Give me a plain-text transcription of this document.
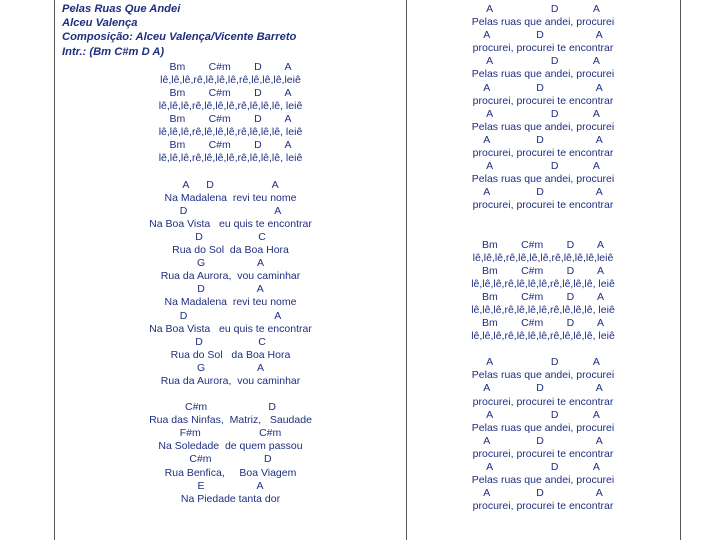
Pelas Ruas Que Andei
Alceu Valença
Composição: Alceu Valença/Vicente Barreto
Intr.: (Bm C#m D A)
Bm        C#m        D        A
lê,lê,lê,rê,lê,lê,lê,rê,lê,lê,lê,leiê
Bm        C#m        D        A
lê,lê,lê,rê,lê,lê,lê,rê,lê,lê,lê, leiê
Bm        C#m        D        A
lê,lê,lê,rê,lê,lê,lê,rê,lê,lê,lê, leiê
Bm        C#m        D        A
lê,lê,lê,rê,lê,lê,lê,rê,lê,lê,lê, leiê
A      D                    A
Na Madalena  revi teu nome
D                              A
Na Boa Vista   eu quis te encontrar
D                   C
Rua do Sol  da Boa Hora
G                  A
Rua da Aurora,  vou caminhar
D                  A
Na Madalena  revi teu nome
D                              A
Na Boa Vista   eu quis te encontrar
D                   C
Rua do Sol   da Boa Hora
G                  A
Rua da Aurora,  vou caminhar
C#m                     D
Rua das Ninfas,  Matriz,   Saudade
F#m                    C#m
Na Soledade  de quem passou
C#m                  D
Rua Benfica,     Boa Viagem
E                  A
Na Piedade tanta dor
A                    D            A
Pelas ruas que andei, procurei
A                D                  A
procurei, procurei te encontrar
A                    D            A
Pelas ruas que andei, procurei
A                D                  A
procurei, procurei te encontrar
A                    D            A
Pelas ruas que andei, procurei
A                D                  A
procurei, procurei te encontrar
A                    D            A
Pelas ruas que andei, procurei
A                D                  A
procurei, procurei te encontrar
Bm        C#m        D        A
lê,lê,lê,rê,lê,lê,lê,rê,lê,lê,lê,leiê
Bm        C#m        D        A
lê,lê,lê,rê,lê,lê,lê,rê,lê,lê,lê, leiê
Bm        C#m        D        A
lê,lê,lê,rê,lê,lê,lê,rê,lê,lê,lê, leiê
Bm        C#m        D        A
lê,lê,lê,rê,lê,lê,lê,rê,lê,lê,lê, leiê
A                    D            A
Pelas ruas que andei, procurei
A                D                  A
procurei, procurei te encontrar
A                    D            A
Pelas ruas que andei, procurei
A                D                  A
procurei, procurei te encontrar
A                    D            A
Pelas ruas que andei, procurei
A                D                  A
procurei, procurei te encontrar
